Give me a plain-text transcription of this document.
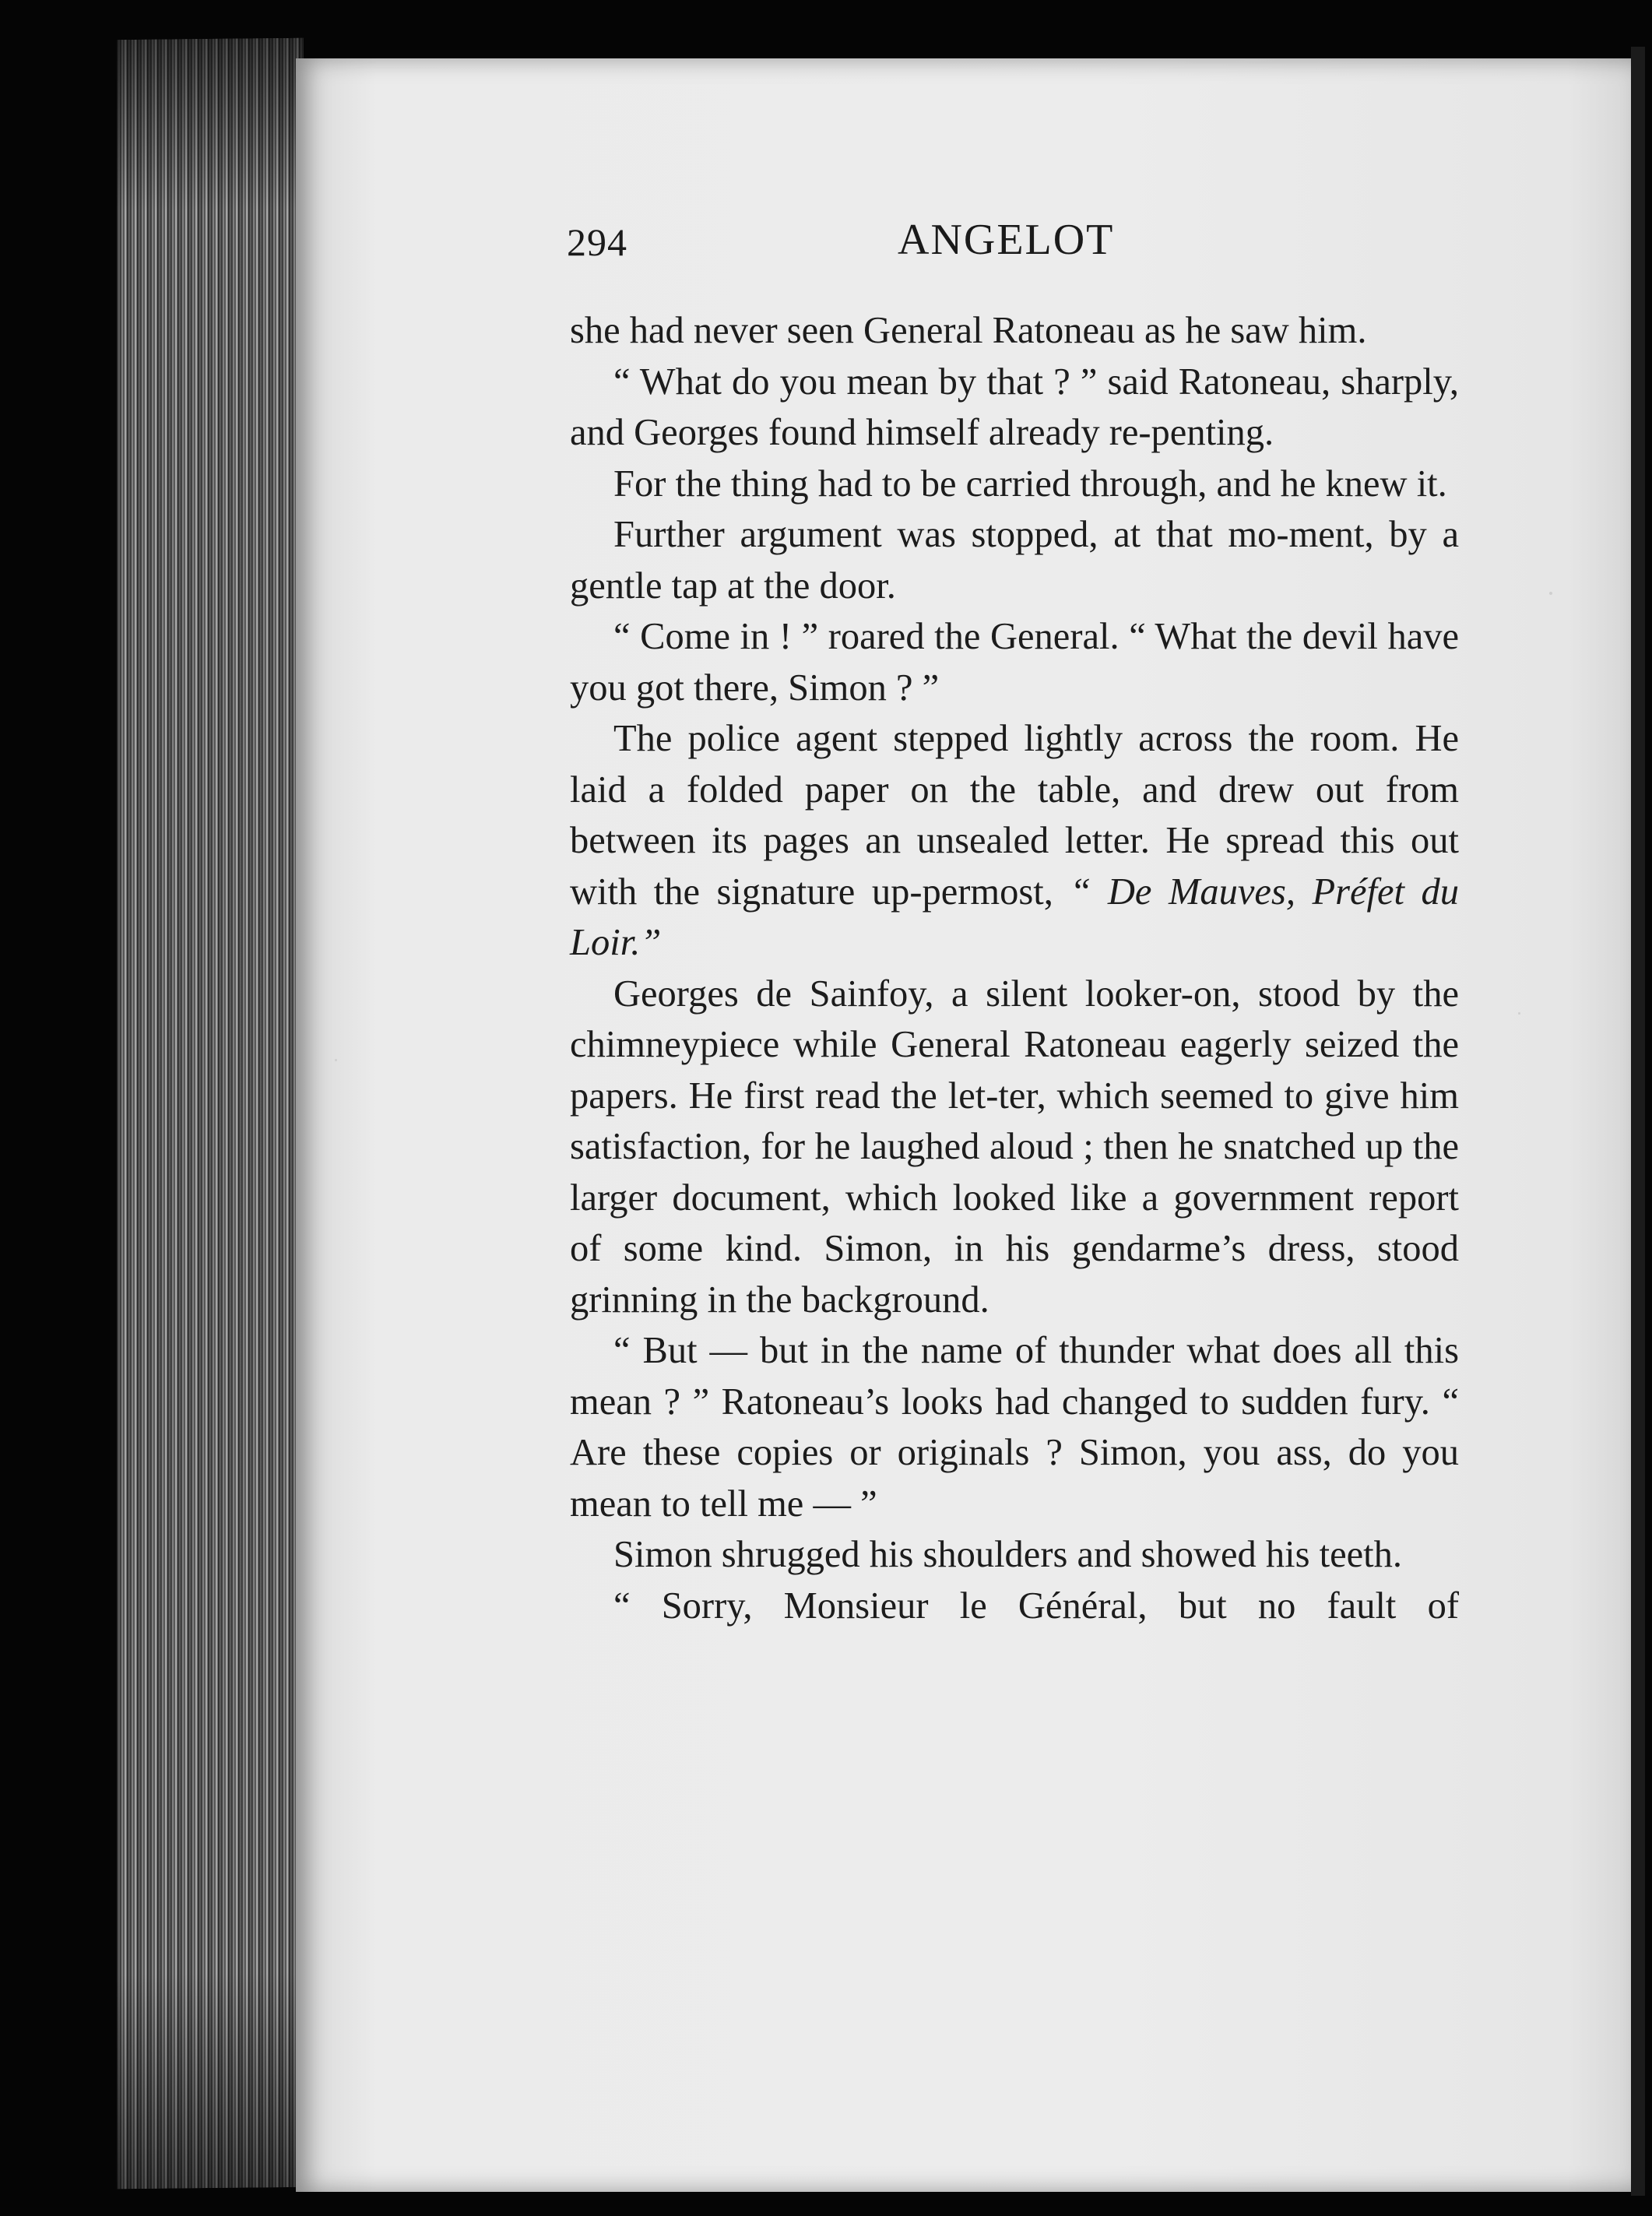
294	ANGELOT

she had never seen General Ratoneau as he saw him.

“ What do you mean by that ? ” said Ratoneau, sharply, and Georges found himself already re-penting.

For the thing had to be carried through, and he knew it.

Further argument was stopped, at that mo-ment, by a gentle tap at the door.

“ Come in ! ” roared the General. “ What the devil have you got there, Simon ? ”

The police agent stepped lightly across the room. He laid a folded paper on the table, and drew out from between its pages an unsealed letter. He spread this out with the signature up-permost, “ De Mauves, Préfet du Loir.”

Georges de Sainfoy, a silent looker-on, stood by the chimneypiece while General Ratoneau eagerly seized the papers. He first read the let-ter, which seemed to give him satisfaction, for he laughed aloud ; then he snatched up the larger document, which looked like a government report of some kind. Simon, in his gendarme’s dress, stood grinning in the background.

“ But — but in the name of thunder what does all this mean ? ” Ratoneau’s looks had changed to sudden fury. “ Are these copies or originals ? Simon, you ass, do you mean to tell me — ”

Simon shrugged his shoulders and showed his teeth.

“ Sorry, Monsieur le Général, but no fault of
